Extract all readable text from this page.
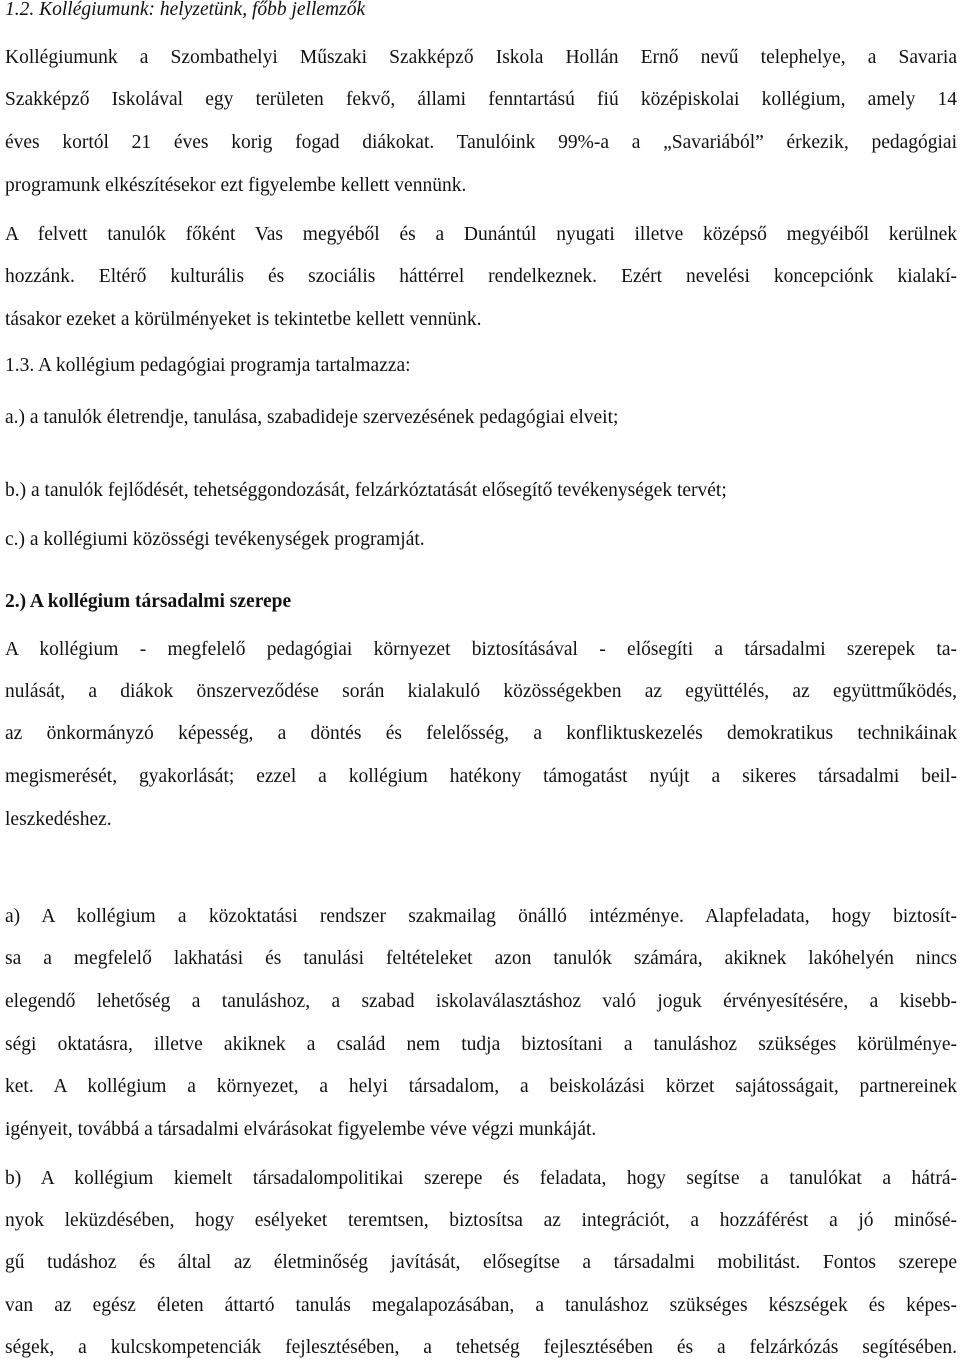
1.2. Kollégiumunk: helyzetünk, főbb jellemzők
Kollégiumunk a Szombathelyi Műszaki Szakképző Iskola Hollán Ernő nevű telephelye, a Savaria
Szakképző Iskolával egy területen fekvő, állami fenntartású fiú középiskolai kollégium, amely 14
éves kortól 21 éves korig fogad diákokat. Tanulóink 99%-a a „Savariából” érkezik, pedagógiai
programunk elkészítésekor ezt figyelembe kellett vennünk.
A felvett tanulók főként Vas megyéből és a Dunántúl nyugati illetve középső megyéiből kerülnek
hozzánk. Eltérő kulturális és szociális háttérrel rendelkeznek. Ezért nevelési koncepciónk kialakí-
tásakor ezeket a körülményeket is tekintetbe kellett vennünk.
1.3. A kollégium pedagógiai programja tartalmazza:
a.) a tanulók életrendje, tanulása, szabadideje szervezésének pedagógiai elveit;
b.) a tanulók fejlődését, tehetséggondozását, felzárkóztatását elősegítő tevékenységek tervét;
c.) a kollégiumi közösségi tevékenységek programját.
2.) A kollégium társadalmi szerepe
A kollégium - megfelelő pedagógiai környezet biztosításával - elősegíti a társadalmi szerepek ta-
nulását, a diákok önszerveződése során kialakuló közösségekben az együttélés, az együttműködés,
az önkormányzó képesség, a döntés és felelősség, a konfliktuskezelés demokratikus technikáinak
megismerését, gyakorlását; ezzel a kollégium hatékony támogatást nyújt a sikeres társadalmi beil-
leszkedéshez.
a) A kollégium a közoktatási rendszer szakmailag önálló intézménye. Alapfeladata, hogy biztosít-
sa a megfelelő lakhatási és tanulási feltételeket azon tanulók számára, akiknek lakóhelyén nincs
elegendő lehetőség a tanuláshoz, a szabad iskolaválasztáshoz való joguk érvényesítésére, a kisebb-
ségi oktatásra, illetve akiknek a család nem tudja biztosítani a tanuláshoz szükséges körülménye-
ket. A kollégium a környezet, a helyi társadalom, a beiskolázási körzet sajátosságait, partnereinek
igényeit, továbbá a társadalmi elvárásokat figyelembe véve végzi munkáját.
b) A kollégium kiemelt társadalompolitikai szerepe és feladata, hogy segítse a tanulókat a hátrá-
nyok leküzdésében, hogy esélyeket teremtsen, biztosítsa az integrációt, a hozzáférést a jó minősé-
gű tudáshoz és által az életminőség javítását, elősegítse a társadalmi mobilitást. Fontos szerepe
van az egész életen áttartó tanulás megalapozásában, a tanuláshoz szükséges készségek és képes-
ségek, a kulcskompetenciák fejlesztésében, a tehetség fejlesztésében és a felzárkózás segítésében.
